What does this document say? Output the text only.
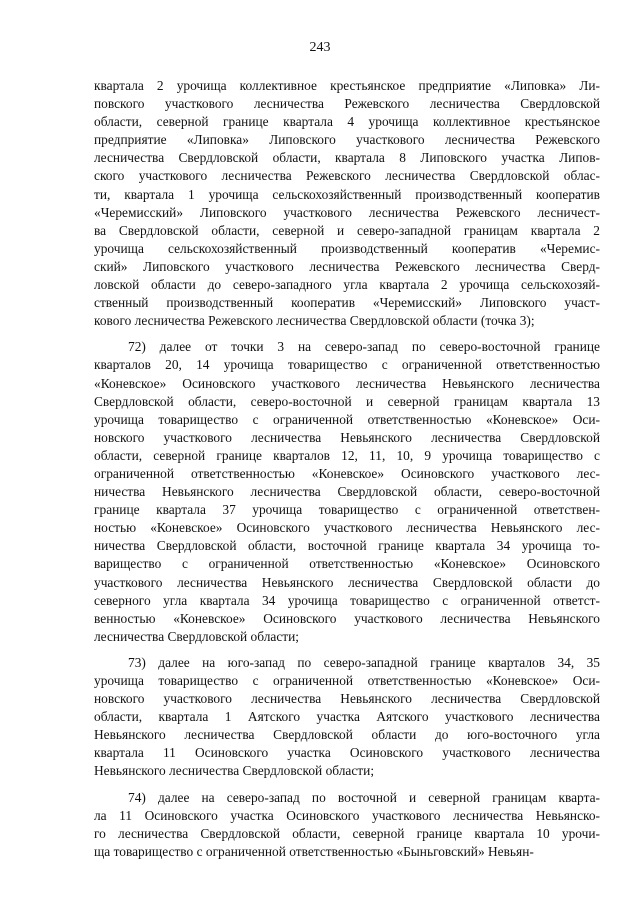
243
квартала 2 урочища коллективное крестьянское предприятие «Липовка» Ли-
повского участкового лесничества Режевского лесничества Свердловской
области, северной границе квартала 4 урочища коллективное крестьянское
предприятие «Липовка» Липовского участкового лесничества Режевского
лесничества Свердловской области, квартала 8 Липовского участка Липов-
ского участкового лесничества Режевского лесничества Свердловской облас-
ти, квартала 1 урочища сельскохозяйственный производственный кооператив
«Черемисский» Липовского участкового лесничества Режевского лесничест-
ва Свердловской области, северной и северо-западной границам квартала 2
урочища сельскохозяйственный производственный кооператив «Черемис-
ский» Липовского участкового лесничества Режевского лесничества Сверд-
ловской области до северо-западного угла квартала 2 урочища сельскохозяй-
ственный производственный кооператив «Черемисский» Липовского участ-
кового лесничества Режевского лесничества Свердловской области (точка 3);
72) далее от точки 3 на северо-запад по северо-восточной границе
кварталов 20, 14 урочища товарищество с ограниченной ответственностью
«Коневское» Осиновского участкового лесничества Невьянского лесничества
Свердловской области, северо-восточной и северной границам квартала 13
урочища товарищество с ограниченной ответственностью «Коневское» Оси-
новского участкового лесничества Невьянского лесничества Свердловской
области, северной границе кварталов 12, 11, 10, 9 урочища товарищество с
ограниченной ответственностью «Коневское» Осиновского участкового лес-
ничества Невьянского лесничества Свердловской области, северо-восточной
границе квартала 37 урочища товарищество с ограниченной ответствен-
ностью «Коневское» Осиновского участкового лесничества Невьянского лес-
ничества Свердловской области, восточной границе квартала 34 урочища то-
варищество с ограниченной ответственностью «Коневское» Осиновского
участкового лесничества Невьянского лесничества Свердловской области до
северного угла квартала 34 урочища товарищество с ограниченной ответст-
венностью «Коневское» Осиновского участкового лесничества Невьянского
лесничества Свердловской области;
73) далее на юго-запад по северо-западной границе кварталов 34, 35
урочища товарищество с ограниченной ответственностью «Коневское» Оси-
новского участкового лесничества Невьянского лесничества Свердловской
области, квартала 1 Аятского участка Аятского участкового лесничества
Невьянского лесничества Свердловской области до юго-восточного угла
квартала 11 Осиновского участка Осиновского участкового лесничества
Невьянского лесничества Свердловской области;
74) далее на северо-запад по восточной и северной границам кварта-
ла 11 Осиновского участка Осиновского участкового лесничества Невьянско-
го лесничества Свердловской области, северной границе квартала 10 урочи-
ща товарищество с ограниченной ответственностью «Быньговский» Невьян-
